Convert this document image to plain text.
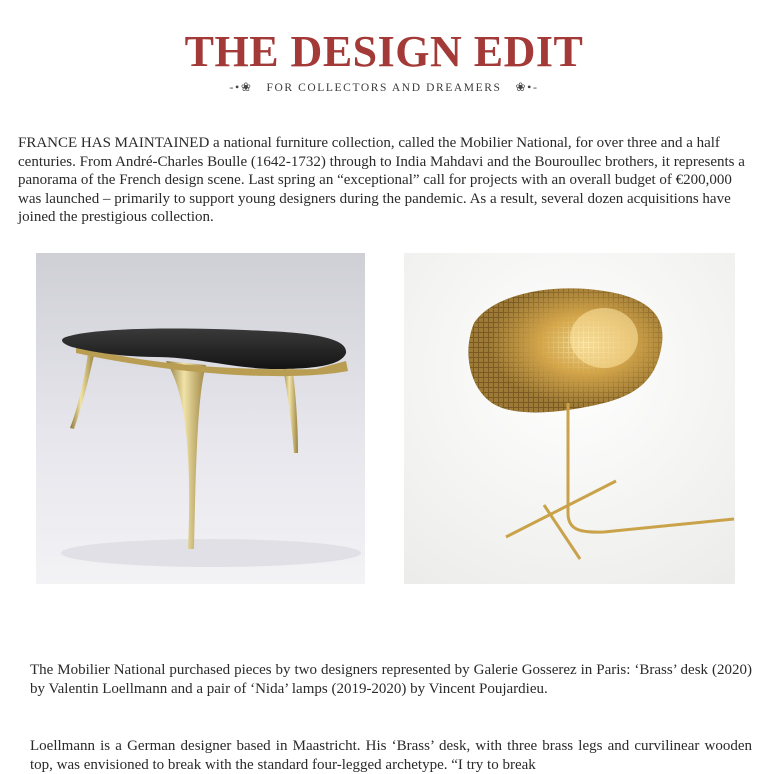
THE DESIGN EDIT
-•❀ FOR COLLECTORS AND DREAMERS ❀•-

FRANCE HAS MAINTAINED a national furniture collection, called the Mobilier National, for over three and a half centuries. From André-Charles Boulle (1642-1732) through to India Mahdavi and the Bouroullec brothers, it represents a panorama of the French design scene. Last spring an “exceptional” call for projects with an overall budget of €200,000 was launched – primarily to support young designers during the pandemic. As a result, several dozen acquisitions have joined the prestigious collection.

The Mobilier National purchased pieces by two designers represented by Galerie Gosserez in Paris: ‘Brass’ desk (2020) by Valentin Loellmann and a pair of ‘Nida’ lamps (2019-2020) by Vincent Poujardieu.

Loellmann is a German designer based in Maastricht. His ‘Brass’ desk, with three brass legs and curvilinear wooden top, was envisioned to break with the standard four-legged archetype. “I try to break
